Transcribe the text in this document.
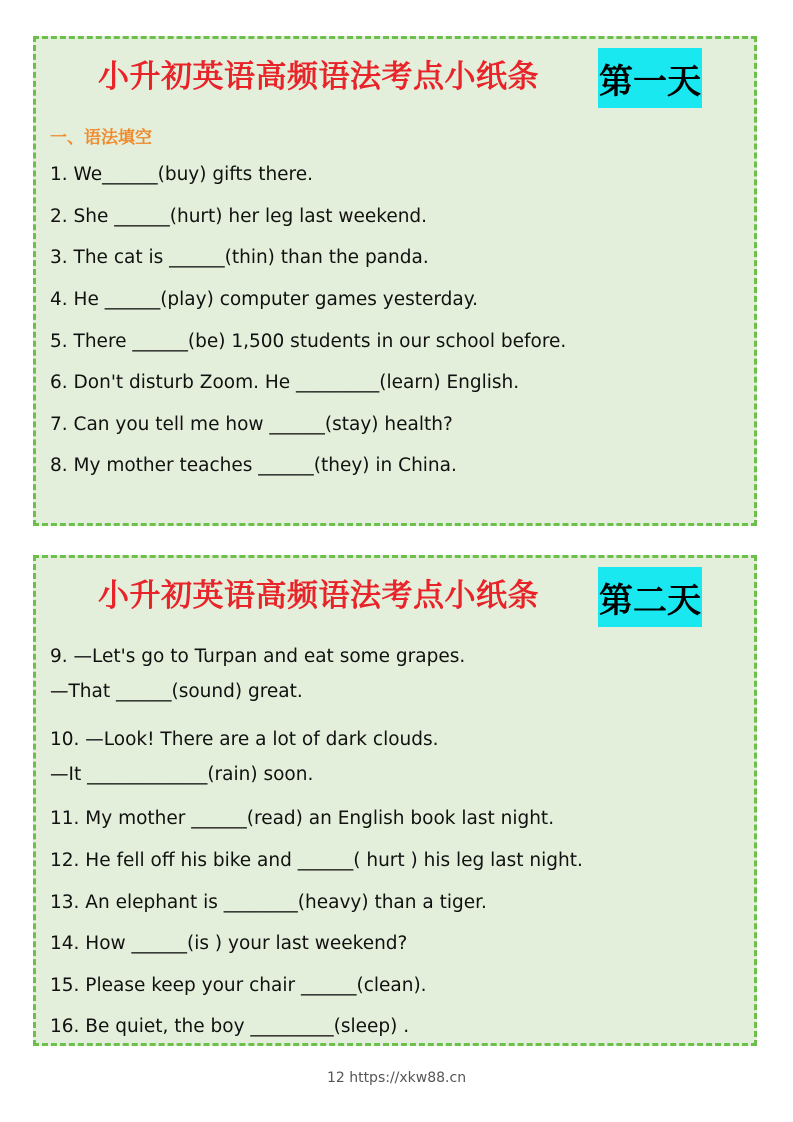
小升初英语高频语法考点小纸条 第一天
一、语法填空
1. We______(buy) gifts there.
2. She ______(hurt) her leg last weekend.
3. The cat is ______(thin) than the panda.
4. He ______(play) computer games yesterday.
5. There ______(be) 1,500 students in our school before.
6. Don't disturb Zoom. He _________(learn) English.
7. Can you tell me how ______(stay) health?
8. My mother teaches ______(they) in China.
小升初英语高频语法考点小纸条 第二天
9. —Let's go to Turpan and eat some grapes.
—That ______(sound) great.
10. —Look! There are a lot of dark clouds.
—It _____________(rain) soon.
11. My mother ______(read) an English book last night.
12. He fell off his bike and ______( hurt ) his leg last night.
13. An elephant is ________(heavy) than a tiger.
14. How ______(is ) your last weekend?
15. Please keep your chair ______(clean).
16. Be quiet, the boy _________(sleep) .
12 https://xkw88.cn
